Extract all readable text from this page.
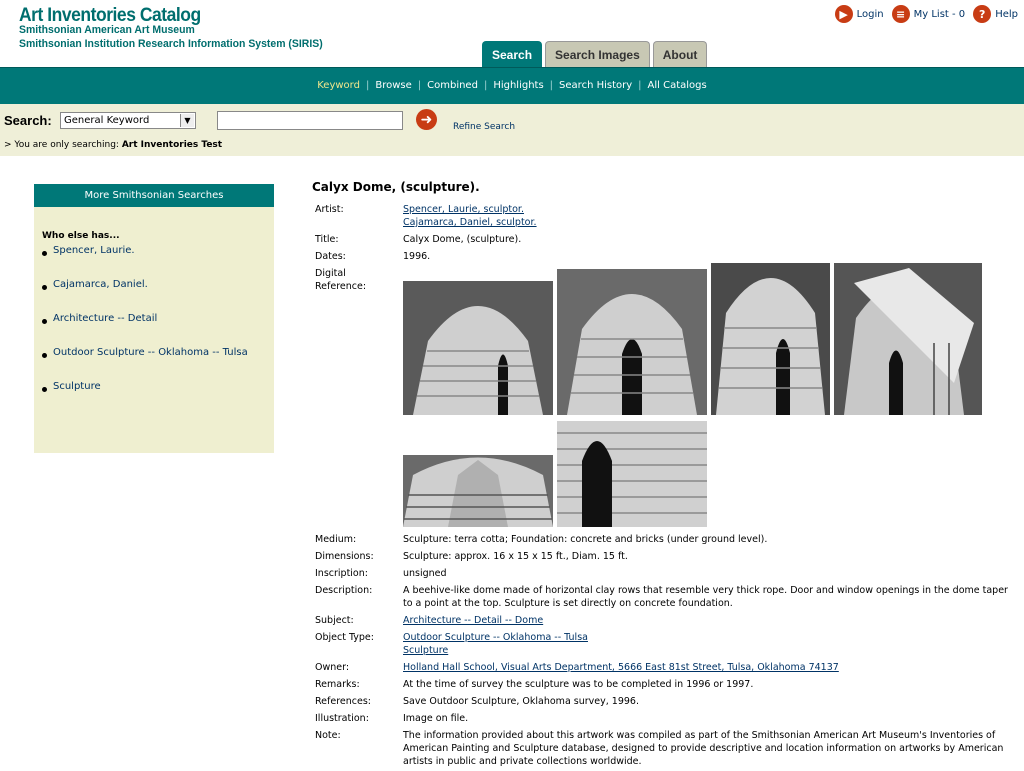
Art Inventories Catalog
Smithsonian American Art Museum
Smithsonian Institution Research Information System (SIRIS)
▶ Login	≡ My List - 0	? Help
Search	Search Images	About
Keyword | Browse | Combined | Highlights | Search History | All Catalogs
Search:	General Keyword	▼	➜ Refine Search
> You are only searching: Art Inventories Test
More Smithsonian Searches
Who else has...
Spencer, Laurie.
Cajamarca, Daniel.
Architecture -- Detail
Outdoor Sculpture -- Oklahoma -- Tulsa
Sculpture
Calyx Dome, (sculpture).
Artist:	Spencer, Laurie, sculptor.
Cajamarca, Daniel, sculptor.
Title:	Calyx Dome, (sculpture).
Dates:	1996.
Digital Reference:	

Medium:	Sculpture: terra cotta; Foundation: concrete and bricks (under ground level).
Dimensions:	Sculpture: approx. 16 x 15 x 15 ft., Diam. 15 ft.
Inscription:	unsigned
Description:	A beehive-like dome made of horizontal clay rows that resemble very thick rope. Door and window openings in the dome taper to a point at the top. Sculpture is set directly on concrete foundation.
Subject:	Architecture -- Detail -- Dome
Object Type:	Outdoor Sculpture -- Oklahoma -- Tulsa
Sculpture
Owner:	Holland Hall School, Visual Arts Department, 5666 East 81st Street, Tulsa, Oklahoma 74137
Remarks:	At the time of survey the sculpture was to be completed in 1996 or 1997.
References:	Save Outdoor Sculpture, Oklahoma survey, 1996.
Illustration:	Image on file.
Note:	The information provided about this artwork was compiled as part of the Smithsonian American Art Museum's Inventories of American Painting and Sculpture database, designed to provide descriptive and location information on artworks by American artists in public and private collections worldwide.
